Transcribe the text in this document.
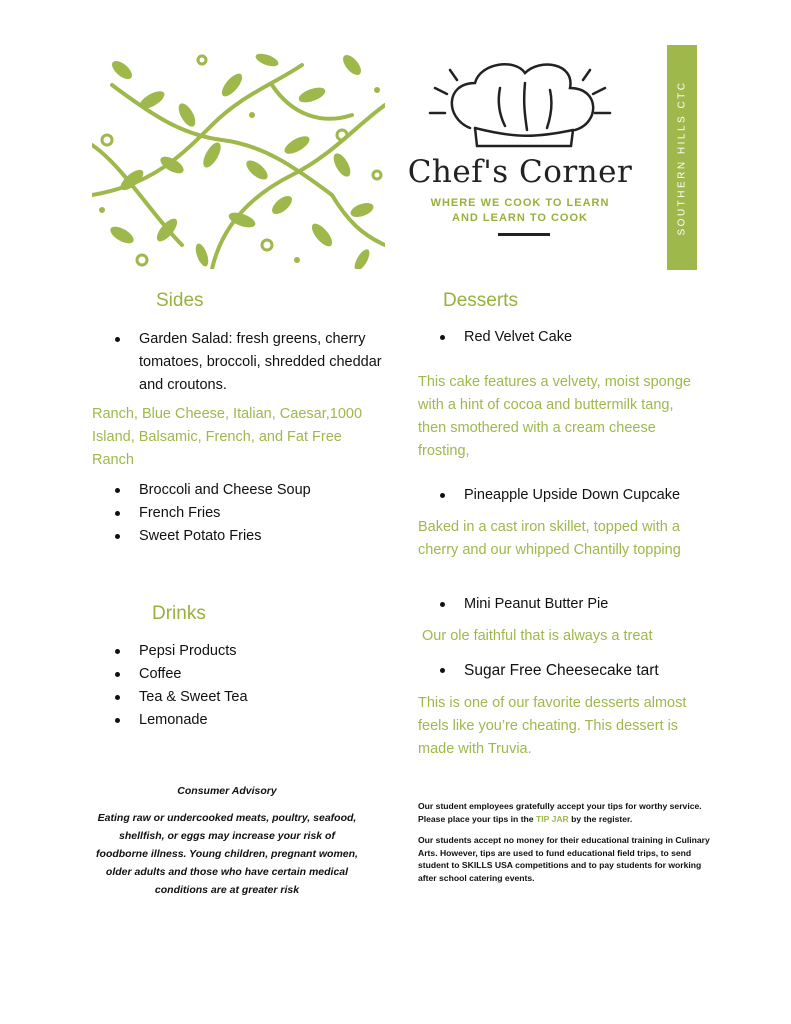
Chef's Corner
WHERE WE COOK TO LEARN
AND LEARN TO COOK	SOUTHERN HILLS CTC
Sides
Garden Salad: fresh greens, cherry tomatoes, broccoli, shredded cheddar and croutons.

Ranch, Blue Cheese, Italian, Caesar,1000 Island, Balsamic, French, and Fat Free Ranch

Broccoli and Cheese Soup
French Fries
Sweet Potato Fries
Drinks
Pepsi Products
Coffee
Tea & Sweet Tea
Lemonade
Desserts
Red Velvet Cake

This cake features a velvety, moist sponge with a hint of cocoa and buttermilk tang, then smothered with a cream cheese frosting,

Pineapple Upside Down Cupcake

Baked in a cast iron skillet, topped with a cherry and our whipped Chantilly topping

Mini Peanut Butter Pie

Our ole faithful that is always a treat

Sugar Free Cheesecake tart

This is one of our favorite desserts almost feels like you’re cheating. This dessert is made with Truvia.

Consumer Advisory

Eating raw or undercooked meats, poultry, seafood, shellfish, or eggs may increase your risk of foodborne illness. Young children, pregnant women, older adults and those who have certain medical conditions are at greater risk

Our student employees gratefully accept your tips for worthy service. Please place your tips in the TIP JAR by the register.

Our students accept no money for their educational training in Culinary Arts. However, tips are used to fund educational field trips, to send student to SKILLS USA competitions and to pay students for working after school catering events.
